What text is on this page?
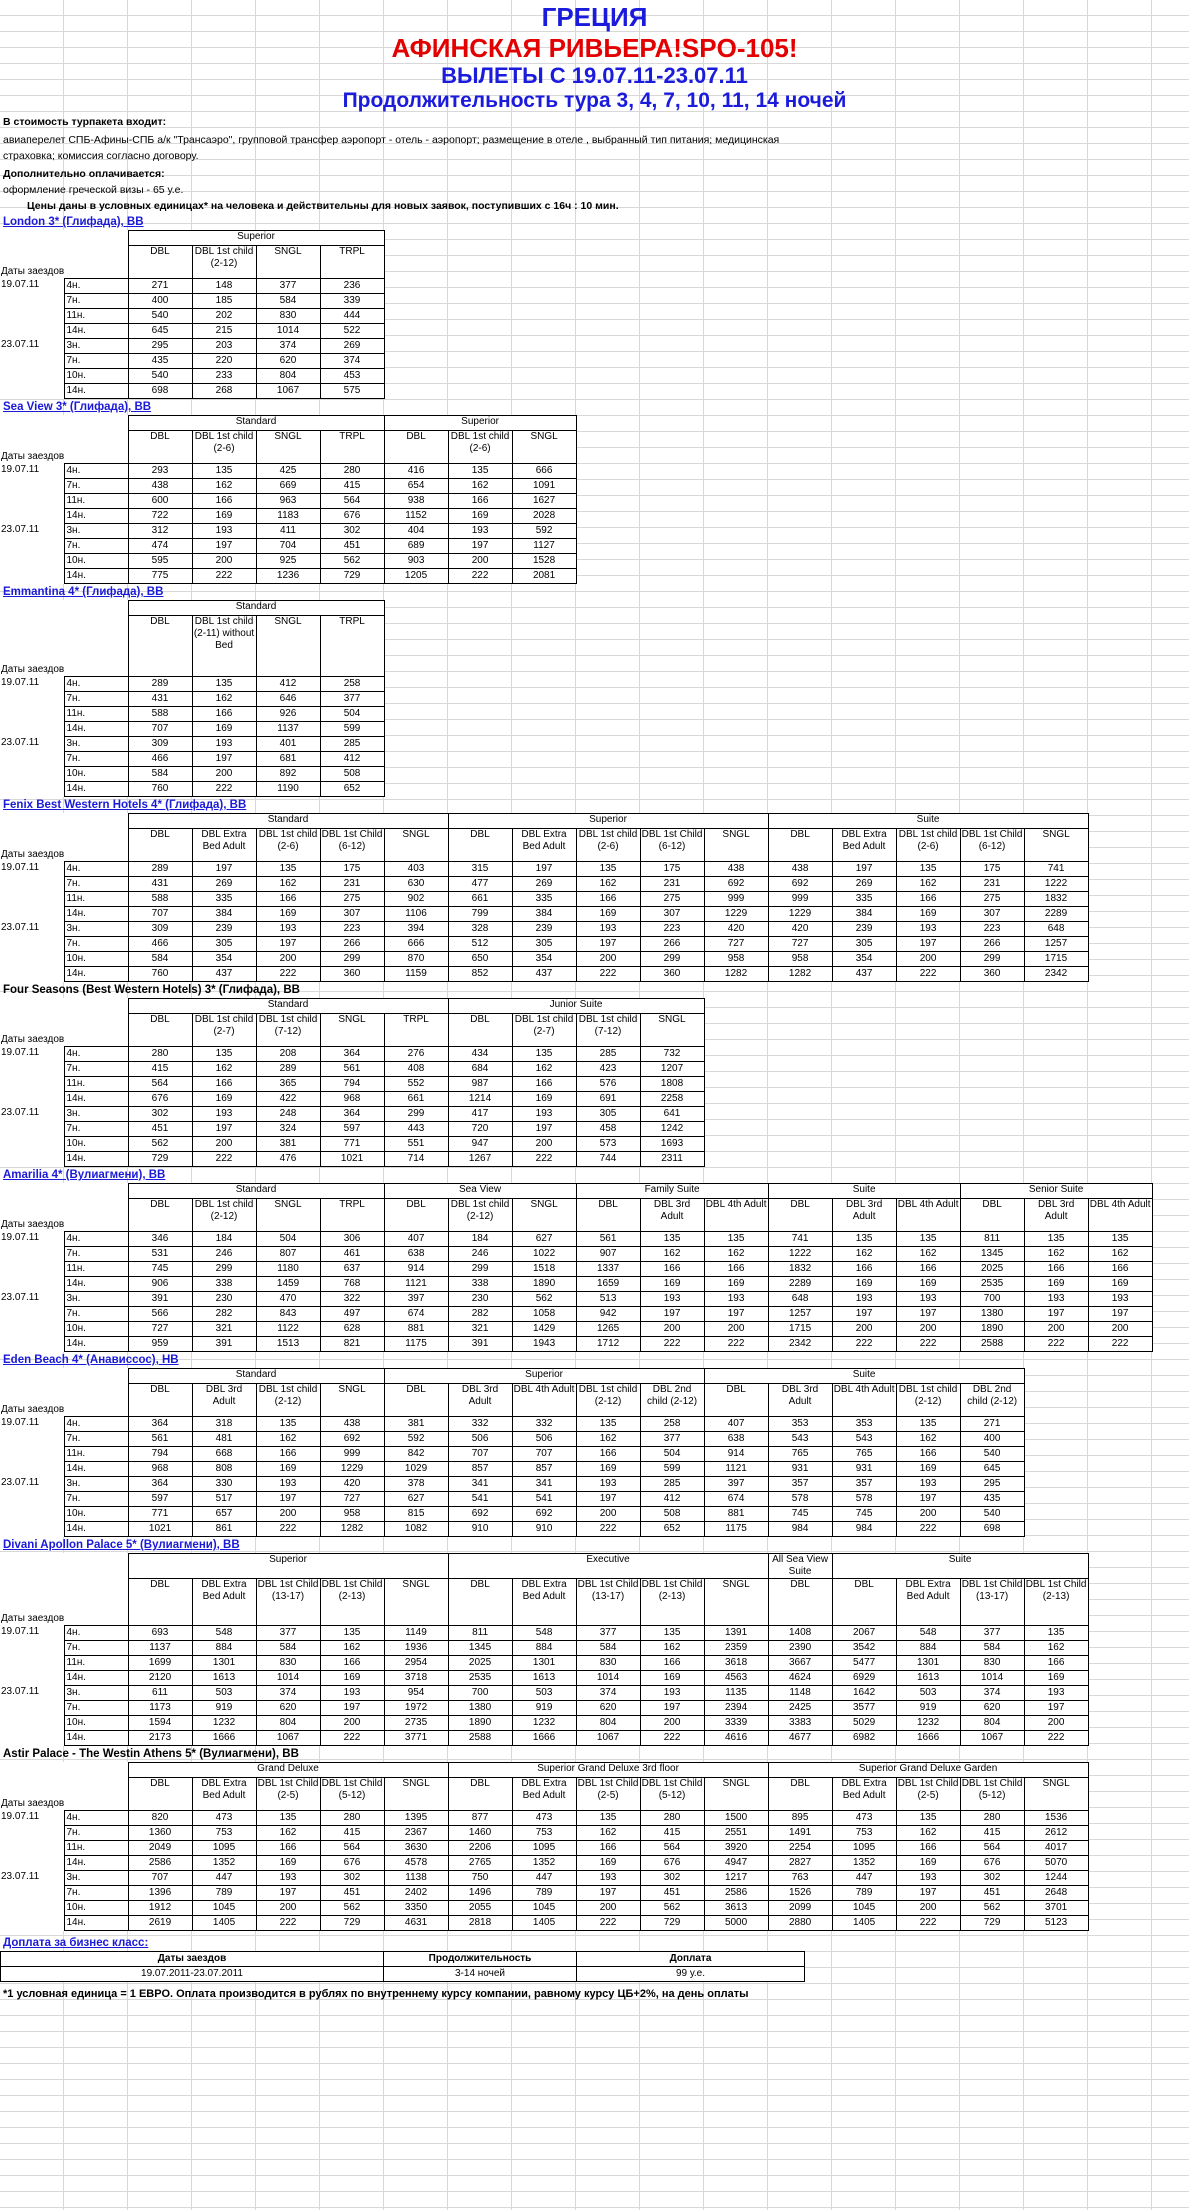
ГРЕЦИЯ
АФИНСКАЯ РИВЬЕРА!SPO-105!
ВЫЛЕТЫ С 19.07.11-23.07.11
Продолжительность тура 3, 4, 7, 10, 11, 14 ночей
В стоимость турпакета входит:
авиаперелет СПБ-Афины-СПБ а/к "Трансаэро", групповой трансфер аэропорт - отель - аэропорт; размещение в отеле , выбранный тип питания; медицинская страховка; комиссия согласно договору.
Дополнительно оплачивается:
оформление греческой визы - 65 у.е.
Цены даны в условных единицах* на человека и действительны для новых заявок, поступивших с 16ч : 10 мин.
London 3* (Глифада), BB
Даты заездов		Superior			
		DBL	DBL 1st child (2-12)	SNGL	TRPL
19.07.11	4н.	271	148	377	236
	7н.	400	185	584	339
	11н.	540	202	830	444
	14н.	645	215	1014	522
23.07.11	3н.	295	203	374	269
	7н.	435	220	620	374
	10н.	540	233	804	453
	14н.	698	268	1067	575
Sea View 3* (Глифада), BB
Даты заездов		Standard				Superior		
		DBL	DBL 1st child (2-6)	SNGL	TRPL	DBL	DBL 1st child (2-6)	SNGL
19.07.11	4н.	293	135	425	280	416	135	666
	7н.	438	162	669	415	654	162	1091
	11н.	600	166	963	564	938	166	1627
	14н.	722	169	1183	676	1152	169	2028
23.07.11	3н.	312	193	411	302	404	193	592
	7н.	474	197	704	451	689	197	1127
	10н.	595	200	925	562	903	200	1528
	14н.	775	222	1236	729	1205	222	2081
Emmantina 4* (Глифада), BB
Даты заездов		Standard			
		DBL	DBL 1st child (2-11) without Bed	SNGL	TRPL
19.07.11	4н.	289	135	412	258
	7н.	431	162	646	377
	11н.	588	166	926	504
	14н.	707	169	1137	599
23.07.11	3н.	309	193	401	285
	7н.	466	197	681	412
	10н.	584	200	892	508
	14н.	760	222	1190	652
Fenix Best Western Hotels 4* (Глифада), BB
Даты заездов		Standard					Superior					Suite				
		DBL	DBL Extra Bed Adult	DBL 1st child (2-6)	DBL 1st Child (6-12)	SNGL	DBL	DBL Extra Bed Adult	DBL 1st child (2-6)	DBL 1st Child (6-12)	SNGL	DBL	DBL Extra Bed Adult	DBL 1st child (2-6)	DBL 1st Child (6-12)	SNGL
19.07.11	4н.	289	197	135	175	403	315	197	135	175	438	438	197	135	175	741
	7н.	431	269	162	231	630	477	269	162	231	692	692	269	162	231	1222
	11н.	588	335	166	275	902	661	335	166	275	999	999	335	166	275	1832
	14н.	707	384	169	307	1106	799	384	169	307	1229	1229	384	169	307	2289
23.07.11	3н.	309	239	193	223	394	328	239	193	223	420	420	239	193	223	648
	7н.	466	305	197	266	666	512	305	197	266	727	727	305	197	266	1257
	10н.	584	354	200	299	870	650	354	200	299	958	958	354	200	299	1715
	14н.	760	437	222	360	1159	852	437	222	360	1282	1282	437	222	360	2342
Four Seasons (Best Western Hotels) 3* (Глифада), BB
Даты заездов		Standard					Junior Suite			
		DBL	DBL 1st child (2-7)	DBL 1st child (7-12)	SNGL	TRPL	DBL	DBL 1st child (2-7)	DBL 1st child (7-12)	SNGL
19.07.11	4н.	280	135	208	364	276	434	135	285	732
	7н.	415	162	289	561	408	684	162	423	1207
	11н.	564	166	365	794	552	987	166	576	1808
	14н.	676	169	422	968	661	1214	169	691	2258
23.07.11	3н.	302	193	248	364	299	417	193	305	641
	7н.	451	197	324	597	443	720	197	458	1242
	10н.	562	200	381	771	551	947	200	573	1693
	14н.	729	222	476	1021	714	1267	222	744	2311
Amarilia 4* (Вулиагмени), BB
Даты заездов		Standard				Sea View			Family Suite			Suite			Senior Suite		
		DBL	DBL 1st child (2-12)	SNGL	TRPL	DBL	DBL 1st child (2-12)	SNGL	DBL	DBL 3rd Adult	DBL 4th Adult	DBL	DBL 3rd Adult	DBL 4th Adult	DBL	DBL 3rd Adult	DBL 4th Adult
19.07.11	4н.	346	184	504	306	407	184	627	561	135	135	741	135	135	811	135	135
	7н.	531	246	807	461	638	246	1022	907	162	162	1222	162	162	1345	162	162
	11н.	745	299	1180	637	914	299	1518	1337	166	166	1832	166	166	2025	166	166
	14н.	906	338	1459	768	1121	338	1890	1659	169	169	2289	169	169	2535	169	169
23.07.11	3н.	391	230	470	322	397	230	562	513	193	193	648	193	193	700	193	193
	7н.	566	282	843	497	674	282	1058	942	197	197	1257	197	197	1380	197	197
	10н.	727	321	1122	628	881	321	1429	1265	200	200	1715	200	200	1890	200	200
	14н.	959	391	1513	821	1175	391	1943	1712	222	222	2342	222	222	2588	222	222
Eden Beach 4* (Анависсос), HB
Даты заездов		Standard				Superior					Suite				
		DBL	DBL 3rd Adult	DBL 1st child (2-12)	SNGL	DBL	DBL 3rd Adult	DBL 4th Adult	DBL 1st child (2-12)	DBL 2nd child (2-12)	DBL	DBL 3rd Adult	DBL 4th Adult	DBL 1st child (2-12)	DBL 2nd child (2-12)
19.07.11	4н.	364	318	135	438	381	332	332	135	258	407	353	353	135	271
	7н.	561	481	162	692	592	506	506	162	377	638	543	543	162	400
	11н.	794	668	166	999	842	707	707	166	504	914	765	765	166	540
	14н.	968	808	169	1229	1029	857	857	169	599	1121	931	931	169	645
23.07.11	3н.	364	330	193	420	378	341	341	193	285	397	357	357	193	295
	7н.	597	517	197	727	627	541	541	197	412	674	578	578	197	435
	10н.	771	657	200	958	815	692	692	200	508	881	745	745	200	540
	14н.	1021	861	222	1282	1082	910	910	222	652	1175	984	984	222	698
Divani Apollon Palace 5* (Вулиагмени), BB
Даты заездов		Superior					Executive					All Sea View Suite	Suite			
		DBL	DBL Extra Bed Adult	DBL 1st Child (13-17)	DBL 1st Child (2-13)	SNGL	DBL	DBL Extra Bed Adult	DBL 1st Child (13-17)	DBL 1st Child (2-13)	SNGL	DBL	DBL	DBL Extra Bed Adult	DBL 1st Child (13-17)	DBL 1st Child (2-13)
19.07.11	4н.	693	548	377	135	1149	811	548	377	135	1391	1408	2067	548	377	135
	7н.	1137	884	584	162	1936	1345	884	584	162	2359	2390	3542	884	584	162
	11н.	1699	1301	830	166	2954	2025	1301	830	166	3618	3667	5477	1301	830	166
	14н.	2120	1613	1014	169	3718	2535	1613	1014	169	4563	4624	6929	1613	1014	169
23.07.11	3н.	611	503	374	193	954	700	503	374	193	1135	1148	1642	503	374	193
	7н.	1173	919	620	197	1972	1380	919	620	197	2394	2425	3577	919	620	197
	10н.	1594	1232	804	200	2735	1890	1232	804	200	3339	3383	5029	1232	804	200
	14н.	2173	1666	1067	222	3771	2588	1666	1067	222	4616	4677	6982	1666	1067	222
Astir Palace - The Westin Athens 5* (Вулиагмени), BB
Даты заездов		Grand Deluxe					Superior Grand Deluxe 3rd floor					Superior Grand Deluxe Garden				
		DBL	DBL Extra Bed Adult	DBL 1st Child (2-5)	DBL 1st Child (5-12)	SNGL	DBL	DBL Extra Bed Adult	DBL 1st Child (2-5)	DBL 1st Child (5-12)	SNGL	DBL	DBL Extra Bed Adult	DBL 1st Child (2-5)	DBL 1st Child (5-12)	SNGL
19.07.11	4н.	820	473	135	280	1395	877	473	135	280	1500	895	473	135	280	1536
	7н.	1360	753	162	415	2367	1460	753	162	415	2551	1491	753	162	415	2612
	11н.	2049	1095	166	564	3630	2206	1095	166	564	3920	2254	1095	166	564	4017
	14н.	2586	1352	169	676	4578	2765	1352	169	676	4947	2827	1352	169	676	5070
23.07.11	3н.	707	447	193	302	1138	750	447	193	302	1217	763	447	193	302	1244
	7н.	1396	789	197	451	2402	1496	789	197	451	2586	1526	789	197	451	2648
	10н.	1912	1045	200	562	3350	2055	1045	200	562	3613	2099	1045	200	562	3701
	14н.	2619	1405	222	729	4631	2818	1405	222	729	5000	2880	1405	222	729	5123
Доплата за бизнес класс:
Даты заездов	Продолжительность	Доплата
19.07.2011-23.07.2011	3-14 ночей	99 у.е.
*1 условная единица = 1 ЕВРО. Оплата производится в рублях по внутреннему курсу компании, равному курсу ЦБ+2%, на день оплаты
